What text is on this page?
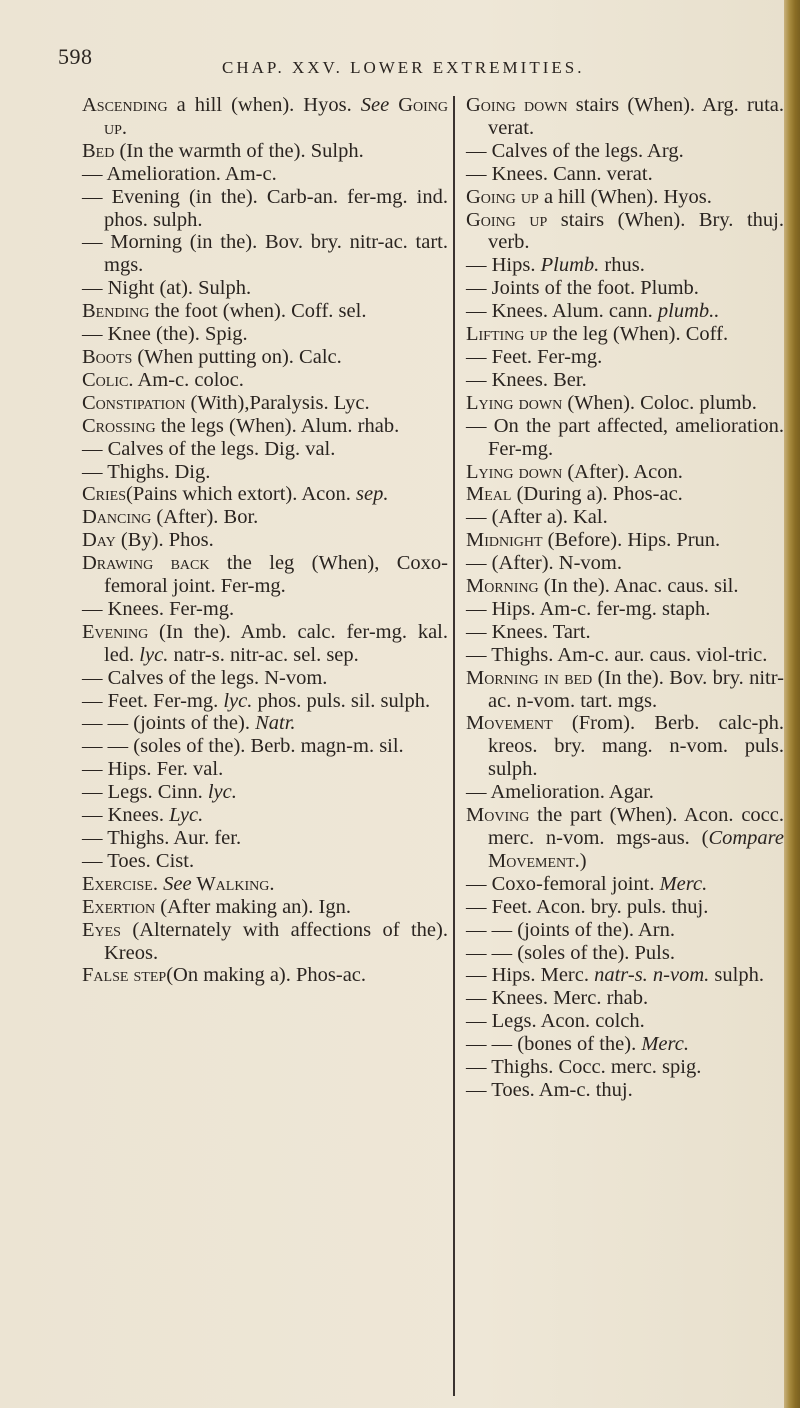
598	CHAP. XXV. LOWER EXTREMITIES.
Ascending a hill (when). Hyos. See Going up.
Bed (In the warmth of the). Sulph.
— Amelioration. Am-c.
— Evening (in the). Carb-an. fer-mg. ind. phos. sulph.
— Morning (in the). Bov. bry. nitr-ac. tart. mgs.
— Night (at). Sulph.
Bending the foot (when). Coff. sel.
— Knee (the). Spig.
Boots (When putting on). Calc.
Colic. Am-c. coloc.
Constipation (With),Paralysis. Lyc.
Crossing the legs (When). Alum. rhab.
— Calves of the legs. Dig. val.
— Thighs. Dig.
Cries(Pains which extort). Acon. sep.
Dancing (After). Bor.
Day (By). Phos.
Drawing back the leg (When), Coxo-femoral joint. Fer-mg.
— Knees. Fer-mg.
Evening (In the). Amb. calc. fer-mg. kal. led. lyc. natr-s. nitr-ac. sel. sep.
— Calves of the legs. N-vom.
— Feet. Fer-mg. lyc. phos. puls. sil. sulph.
— — (joints of the). Natr.
— — (soles of the). Berb. magn-m. sil.
— Hips. Fer. val.
— Legs. Cinn. lyc.
— Knees. Lyc.
— Thighs. Aur. fer.
— Toes. Cist.
Exercise. See Walking.
Exertion (After making an). Ign.
Eyes (Alternately with affections of the). Kreos.
False step(On making a). Phos-ac.
Going down stairs (When). Arg. ruta. verat.
— Calves of the legs. Arg.
— Knees. Cann. verat.
Going up a hill (When). Hyos.
Going up stairs (When). Bry. thuj. verb.
— Hips. Plumb. rhus.
— Joints of the foot. Plumb.
— Knees. Alum. cann. plumb..
Lifting up the leg (When). Coff.
— Feet. Fer-mg.
— Knees. Ber.
Lying down (When). Coloc. plumb.
— On the part affected, amelioration. Fer-mg.
Lying down (After). Acon.
Meal (During a). Phos-ac.
— (After a). Kal.
Midnight (Before). Hips. Prun.
— (After). N-vom.
Morning (In the). Anac. caus. sil.
— Hips. Am-c. fer-mg. staph.
— Knees. Tart.
— Thighs. Am-c. aur. caus. viol-tric.
Morning in bed (In the). Bov. bry. nitr-ac. n-vom. tart. mgs.
Movement (From). Berb. calc-ph. kreos. bry. mang. n-vom. puls. sulph.
— Amelioration. Agar.
Moving the part (When). Acon. cocc. merc. n-vom. mgs-aus. (Compare Movement.)
— Coxo-femoral joint. Merc.
— Feet. Acon. bry. puls. thuj.
— — (joints of the). Arn.
— — (soles of the). Puls.
— Hips. Merc. natr-s. n-vom. sulph.
— Knees. Merc. rhab.
— Legs. Acon. colch.
— — (bones of the). Merc.
— Thighs. Cocc. merc. spig.
— Toes. Am-c. thuj.
